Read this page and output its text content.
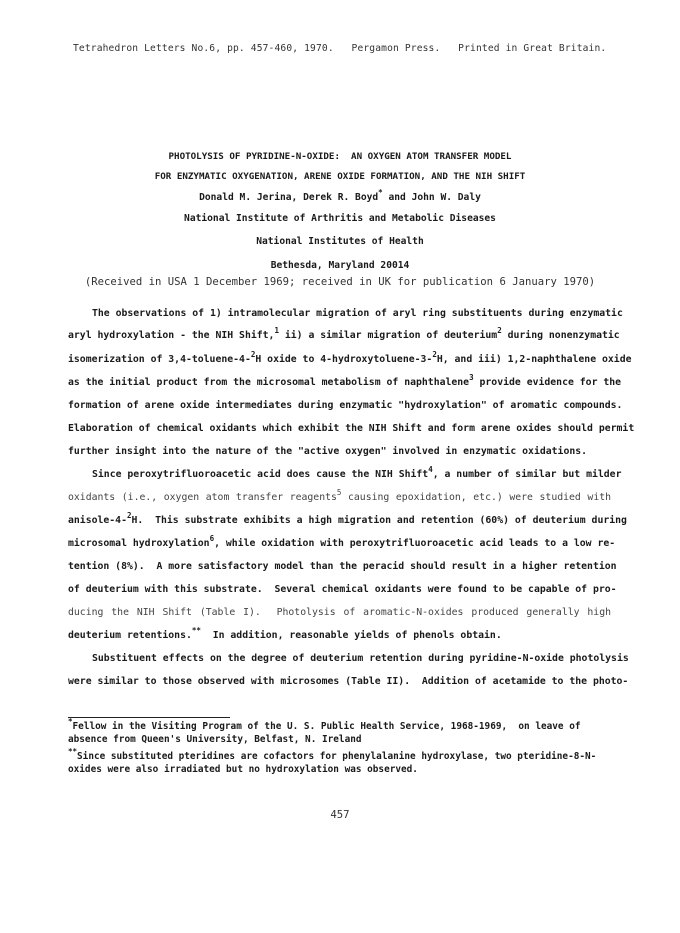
Tetrahedron Letters No.6, pp. 457-460, 1970.   Pergamon Press.   Printed in Great Britain.
PHOTOLYSIS OF PYRIDINE-N-OXIDE:  AN OXYGEN ATOM TRANSFER MODEL
FOR ENZYMATIC OXYGENATION, ARENE OXIDE FORMATION, AND THE NIH SHIFT
Donald M. Jerina, Derek R. Boyd* and John W. Daly
National Institute of Arthritis and Metabolic Diseases
National Institutes of Health
Bethesda, Maryland 20014
(Received in USA 1 December 1969; received in UK for publication 6 January 1970)
The observations of 1) intramolecular migration of aryl ring substituents during enzymatic
aryl hydroxylation - the NIH Shift,$^1$ ii) a similar migration of deuterium$^2$ during nonenzymatic
isomerization of 3,4-toluene-4-$^2$H oxide to 4-hydroxytoluene-3-$^2$H, and iii) 1,2-naphthalene oxide
as the initial product from the microsomal metabolism of naphthalene$^3$ provide evidence for the
formation of arene oxide intermediates during enzymatic "hydroxylation" of aromatic compounds.
Elaboration of chemical oxidants which exhibit the NIH Shift and form arene oxides should permit
further insight into the nature of the "active oxygen" involved in enzymatic oxidations.
Since peroxytrifluoroacetic acid does cause the NIH Shift$^4$, a number of similar but milder
oxidants (i.e., oxygen atom transfer reagents$^5$ causing epoxidation, etc.) were studied with
anisole-4-$^2$H.  This substrate exhibits a high migration and retention (60%) of deuterium during
microsomal hydroxylation$^6$, while oxidation with peroxytrifluoroacetic acid leads to a low re-
tention (8%).  A more satisfactory model than the peracid should result in a higher retention
of deuterium with this substrate.  Several chemical oxidants were found to be capable of pro-
ducing the NIH Shift (Table I).  Photolysis of aromatic-N-oxides produced generally high
deuterium retentions.**  In addition, reasonable yields of phenols obtain.
Substituent effects on the degree of deuterium retention during pyridine-N-oxide photolysis
were similar to those observed with microsomes (Table II).  Addition of acetamide to the photo-
*Fellow in the Visiting Program of the U. S. Public Health Service, 1968-1969,  on leave of
absence from Queen's University, Belfast, N. Ireland
**Since substituted pteridines are cofactors for phenylalanine hydroxylase, two pteridine-8-N-
oxides were also irradiated but no hydroxylation was observed.
457
